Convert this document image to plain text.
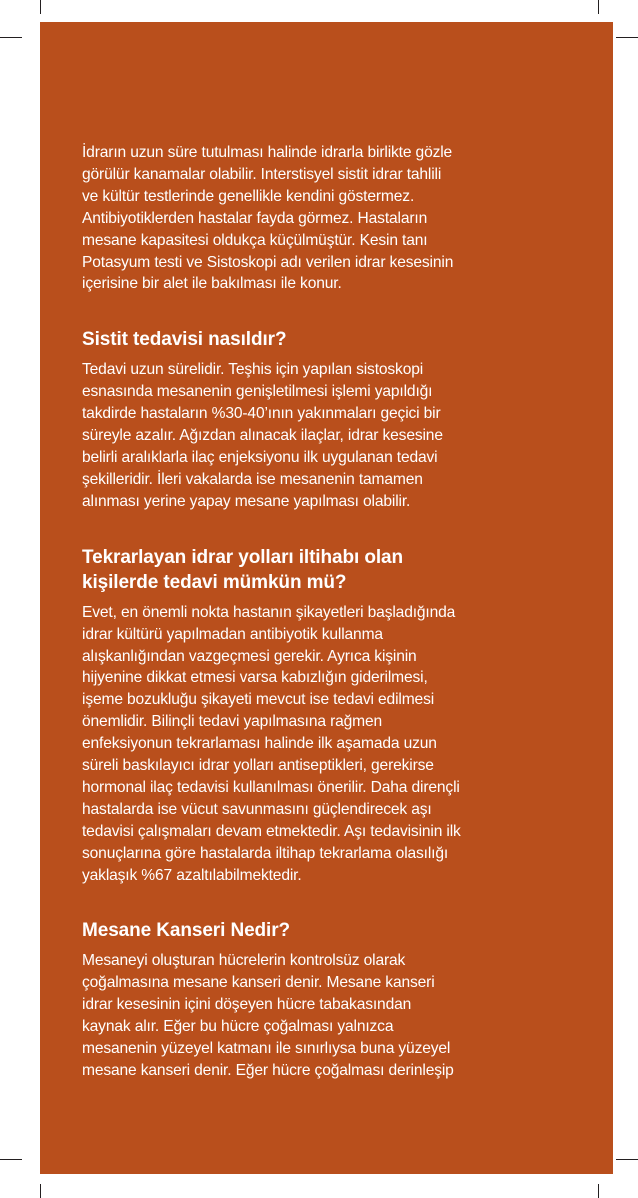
İdrarın uzun süre tutulması halinde idrarla birlikte gözle
görülür kanamalar olabilir. Interstisyel sistit idrar tahlili
ve kültür testlerinde genellikle kendini göstermez.
Antibiyotiklerden hastalar fayda görmez. Hastaların
mesane kapasitesi oldukça küçülmüştür. Kesin tanı
Potasyum testi ve Sistoskopi adı verilen idrar kesesinin
içerisine bir alet ile bakılması ile konur.

Sistit tedavisi nasıldır?

Tedavi uzun sürelidir. Teşhis için yapılan sistoskopi
esnasında mesanenin genişletilmesi işlemi yapıldığı
takdirde hastaların %30-40’ının yakınmaları geçici bir
süreyle azalır. Ağızdan alınacak ilaçlar, idrar kesesine
belirli aralıklarla ilaç enjeksiyonu ilk uygulanan tedavi
şekilleridir. İleri vakalarda ise mesanenin tamamen
alınması yerine yapay mesane yapılması olabilir.

Tekrarlayan idrar yolları iltihabı olan
kişilerde tedavi mümkün mü?

Evet, en önemli nokta hastanın şikayetleri başladığında
idrar kültürü yapılmadan antibiyotik kullanma
alışkanlığından vazgeçmesi gerekir. Ayrıca kişinin
hijyenine dikkat etmesi varsa kabızlığın giderilmesi,
işeme bozukluğu şikayeti mevcut ise tedavi edilmesi
önemlidir. Bilinçli tedavi yapılmasına rağmen
enfeksiyonun tekrarlaması halinde ilk aşamada uzun
süreli baskılayıcı idrar yolları antiseptikleri, gerekirse
hormonal ilaç tedavisi kullanılması önerilir. Daha dirençli
hastalarda ise vücut savunmasını güçlendirecek aşı
tedavisi çalışmaları devam etmektedir. Aşı tedavisinin ilk
sonuçlarına göre hastalarda iltihap tekrarlama olasılığı
yaklaşık %67 azaltılabilmektedir.

Mesane Kanseri Nedir?

Mesaneyi oluşturan hücrelerin kontrolsüz olarak
çoğalmasına mesane kanseri denir. Mesane kanseri
idrar kesesinin içini döşeyen hücre tabakasından
kaynak alır. Eğer bu hücre çoğalması yalnızca
mesanenin yüzeyel katmanı ile sınırlıysa buna yüzeyel
mesane kanseri denir. Eğer hücre çoğalması derinleşip
